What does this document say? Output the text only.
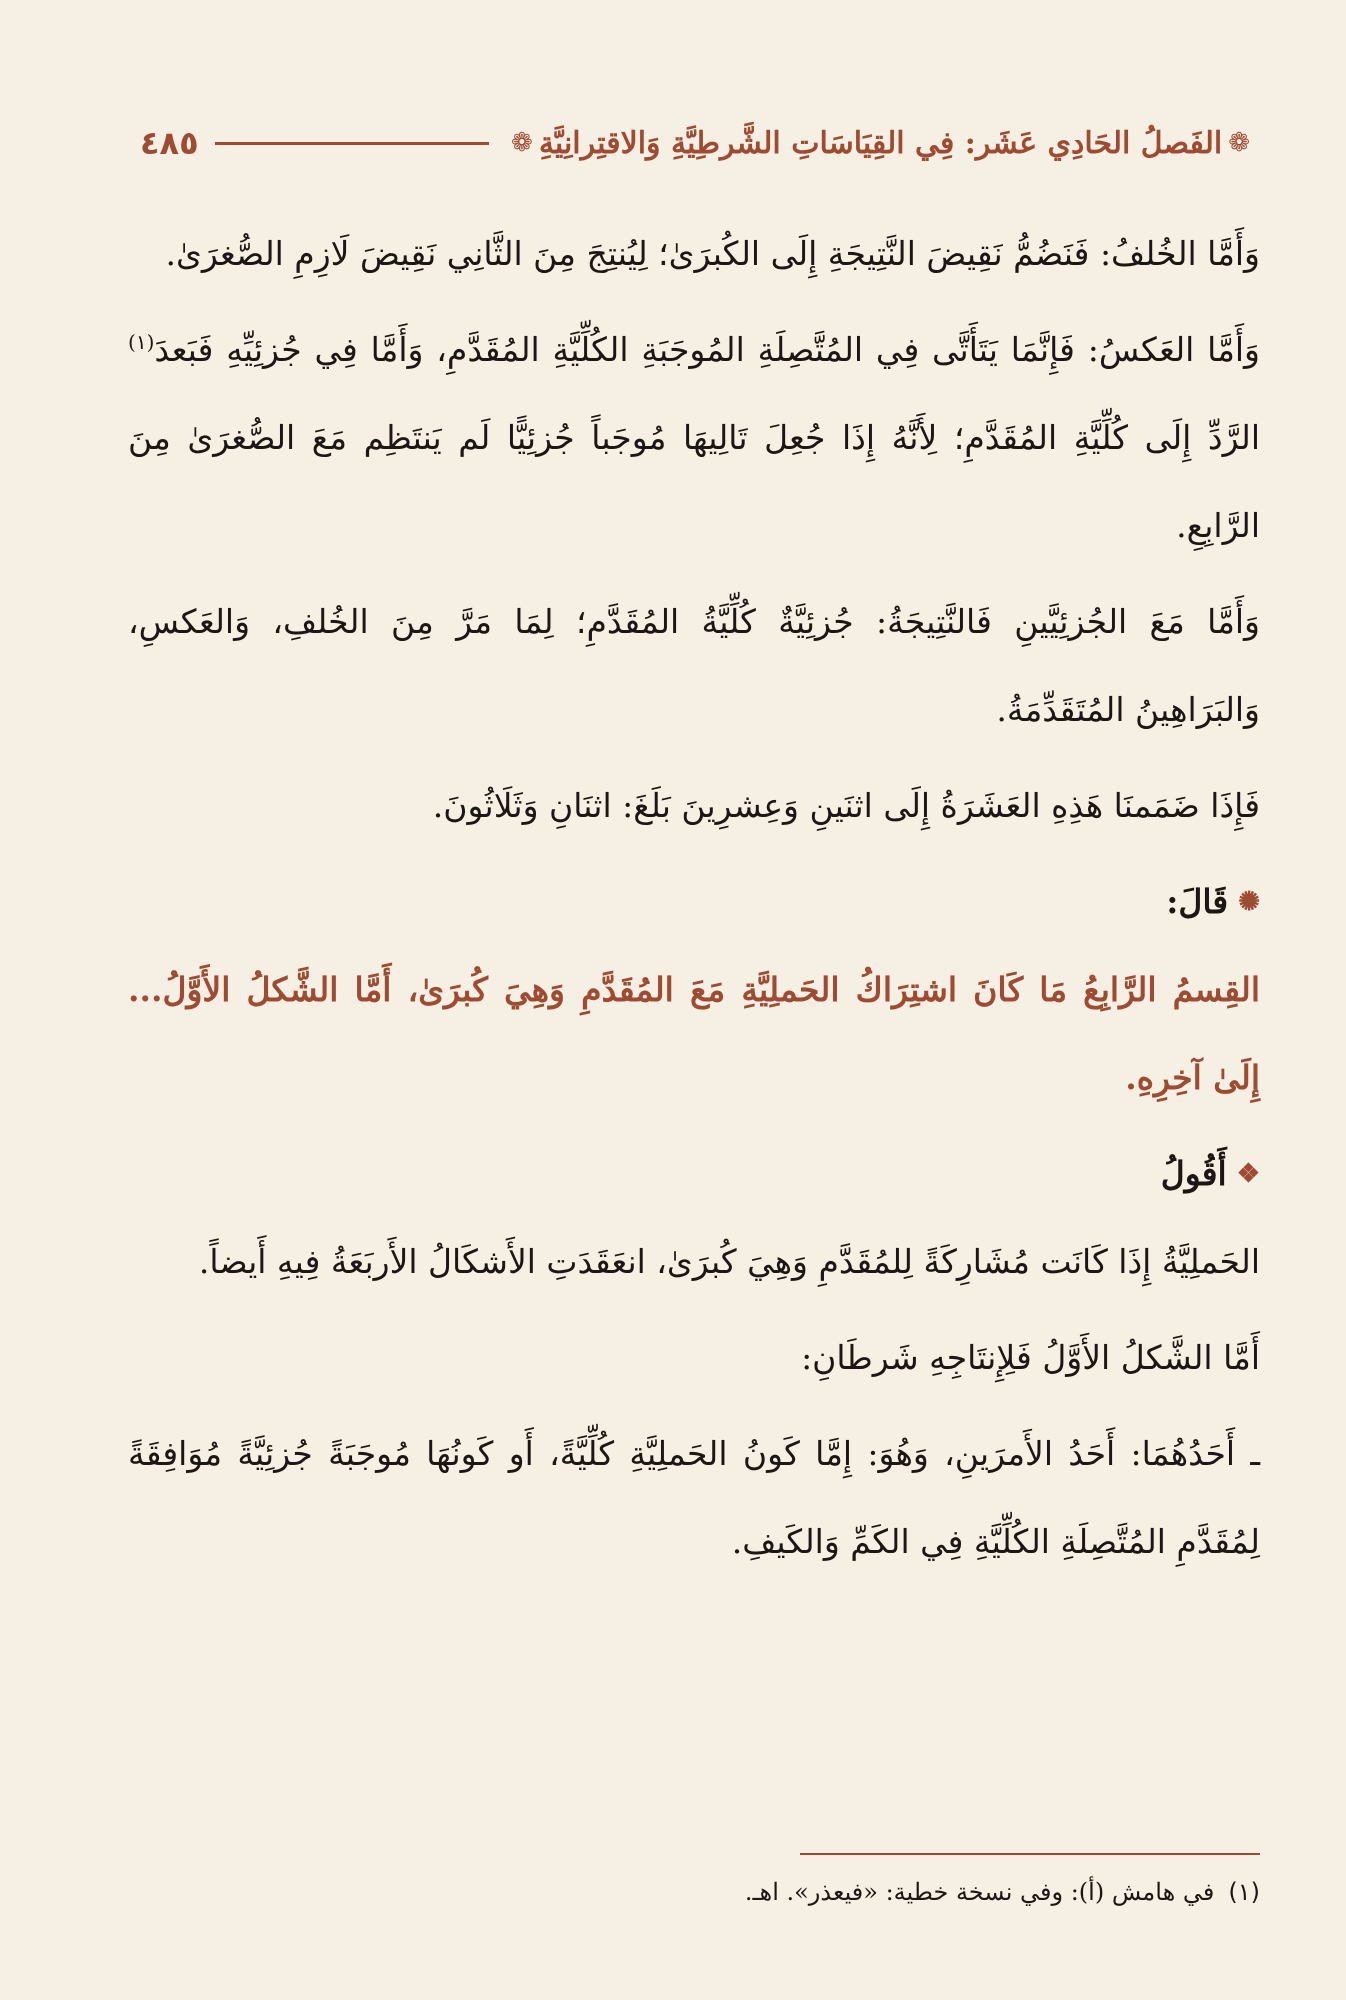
❁
الفَصلُ الحَادِي عَشَر: فِي القِيَاسَاتِ الشَّرطِيَّةِ وَالاقتِرانِيَّةِ
❁
٤٨٥

وَأَمَّا الخُلفُ: فَنَضُمُّ نَقِيضَ النَّتِيجَةِ إِلَى الكُبرَىٰ؛ لِيُنتِجَ مِنَ الثَّانِي نَقِيضَ لَازِمِ الصُّغرَىٰ.

وَأَمَّا العَكسُ: فَإِنَّمَا يَتَأَتَّى فِي المُتَّصِلَةِ المُوجَبَةِ الكُلِّيَّةِ المُقَدَّمِ، وَأَمَّا فِي جُزئِيِّهِ فَبَعدَ$^{(١)}$ الرَّدِّ إِلَى كُلِّيَّةِ المُقَدَّمِ؛ لِأَنَّهُ إِذَا جُعِلَ تَالِيهَا مُوجَباً جُزئِيًّا لَم يَنتَظِم مَعَ الصُّغرَىٰ مِنَ الرَّابِعِ.

وَأَمَّا مَعَ الجُزئِيَّينِ فَالنَّتِيجَةُ: جُزئِيَّةٌ كُلِّيَّةُ المُقَدَّمِ؛ لِمَا مَرَّ مِنَ الخُلفِ، وَالعَكسِ، وَالبَرَاهِينُ المُتَقَدِّمَةُ.

فَإِذَا ضَمَمنَا هَذِهِ العَشَرَةُ إِلَى اثنَينِ وَعِشرِينَ بَلَغَ: اثنَانِ وَثَلَاثُونَ.

✺
قَالَ:

القِسمُ الرَّابِعُ مَا كَانَ اشتِرَاكُ الحَملِيَّةِ مَعَ المُقَدَّمِ وَهِيَ كُبرَىٰ، أَمَّا الشَّكلُ الأَوَّلُ... إِلَىٰ آخِرِهِ.

❖
أَقُولُ

الحَملِيَّةُ إِذَا كَانَت مُشَارِكَةً لِلمُقَدَّمِ وَهِيَ كُبرَىٰ، انعَقَدَتِ الأَشكَالُ الأَربَعَةُ فِيهِ أَيضاً.

أَمَّا الشَّكلُ الأَوَّلُ فَلِإِنتَاجِهِ شَرطَانِ:

ـ أَحَدُهُمَا: أَحَدُ الأَمرَينِ، وَهُوَ: إِمَّا كَونُ الحَملِيَّةِ كُلِّيَّةً، أَو كَونُهَا مُوجَبَةً جُزئِيَّةً مُوَافِقَةً لِمُقَدَّمِ المُتَّصِلَةِ الكُلِّيَّةِ فِي الكَمِّ وَالكَيفِ.

(١)
في هامش (أ): وفي نسخة خطية: «فيعذر». اهـ.
